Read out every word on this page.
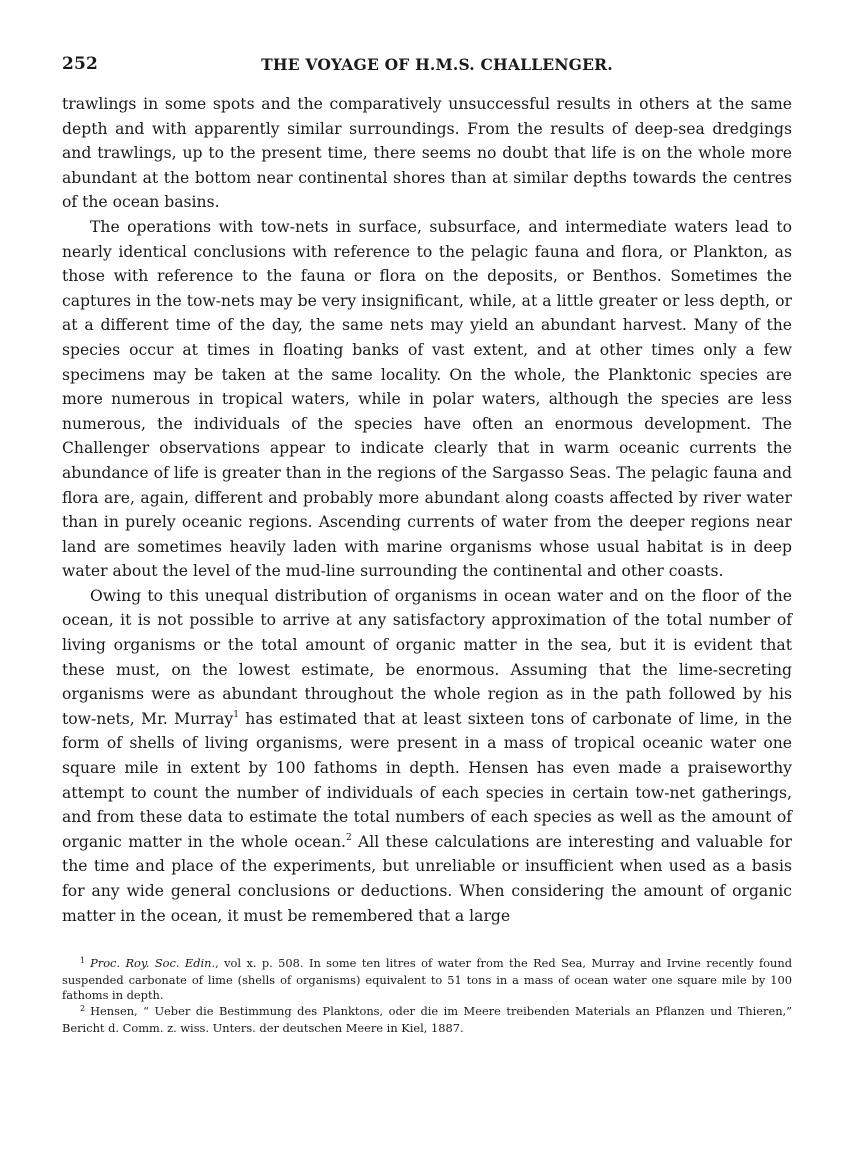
252	THE VOYAGE OF H.M.S. CHALLENGER.

trawlings in some spots and the comparatively unsuccessful results in others at the same depth and with apparently similar surroundings. From the results of deep-sea dredgings and trawlings, up to the present time, there seems no doubt that life is on the whole more abundant at the bottom near continental shores than at similar depths towards the centres of the ocean basins.

The operations with tow-nets in surface, subsurface, and intermediate waters lead to nearly identical conclusions with reference to the pelagic fauna and flora, or Plankton, as those with reference to the fauna or flora on the deposits, or Benthos. Sometimes the captures in the tow-nets may be very insignificant, while, at a little greater or less depth, or at a different time of the day, the same nets may yield an abundant harvest. Many of the species occur at times in floating banks of vast extent, and at other times only a few specimens may be taken at the same locality. On the whole, the Planktonic species are more numerous in tropical waters, while in polar waters, although the species are less numerous, the individuals of the species have often an enormous development. The Challenger observations appear to indicate clearly that in warm oceanic currents the abundance of life is greater than in the regions of the Sargasso Seas. The pelagic fauna and flora are, again, different and probably more abundant along coasts affected by river water than in purely oceanic regions. Ascending currents of water from the deeper regions near land are sometimes heavily laden with marine organisms whose usual habitat is in deep water about the level of the mud-line surrounding the continental and other coasts.

Owing to this unequal distribution of organisms in ocean water and on the floor of the ocean, it is not possible to arrive at any satisfactory approximation of the total number of living organisms or the total amount of organic matter in the sea, but it is evident that these must, on the lowest estimate, be enormous. Assuming that the lime-secreting organisms were as abundant throughout the whole region as in the path followed by his tow-nets, Mr. Murray$^1$ has estimated that at least sixteen tons of carbonate of lime, in the form of shells of living organisms, were present in a mass of tropical oceanic water one square mile in extent by 100 fathoms in depth. Hensen has even made a praiseworthy attempt to count the number of individuals of each species in certain tow-net gatherings, and from these data to estimate the total numbers of each species as well as the amount of organic matter in the whole ocean.$^2$ All these calculations are interesting and valuable for the time and place of the experiments, but unreliable or insufficient when used as a basis for any wide general conclusions or deductions. When considering the amount of organic matter in the ocean, it must be remembered that a large

$^1$ Proc. Roy. Soc. Edin., vol x. p. 508. In some ten litres of water from the Red Sea, Murray and Irvine recently found suspended carbonate of lime (shells of organisms) equivalent to 51 tons in a mass of ocean water one square mile by 100 fathoms in depth.

$^2$ Hensen, “ Ueber die Bestimmung des Planktons, oder die im Meere treibenden Materials an Pflanzen und Thieren,” Bericht d. Comm. z. wiss. Unters. der deutschen Meere in Kiel, 1887.
